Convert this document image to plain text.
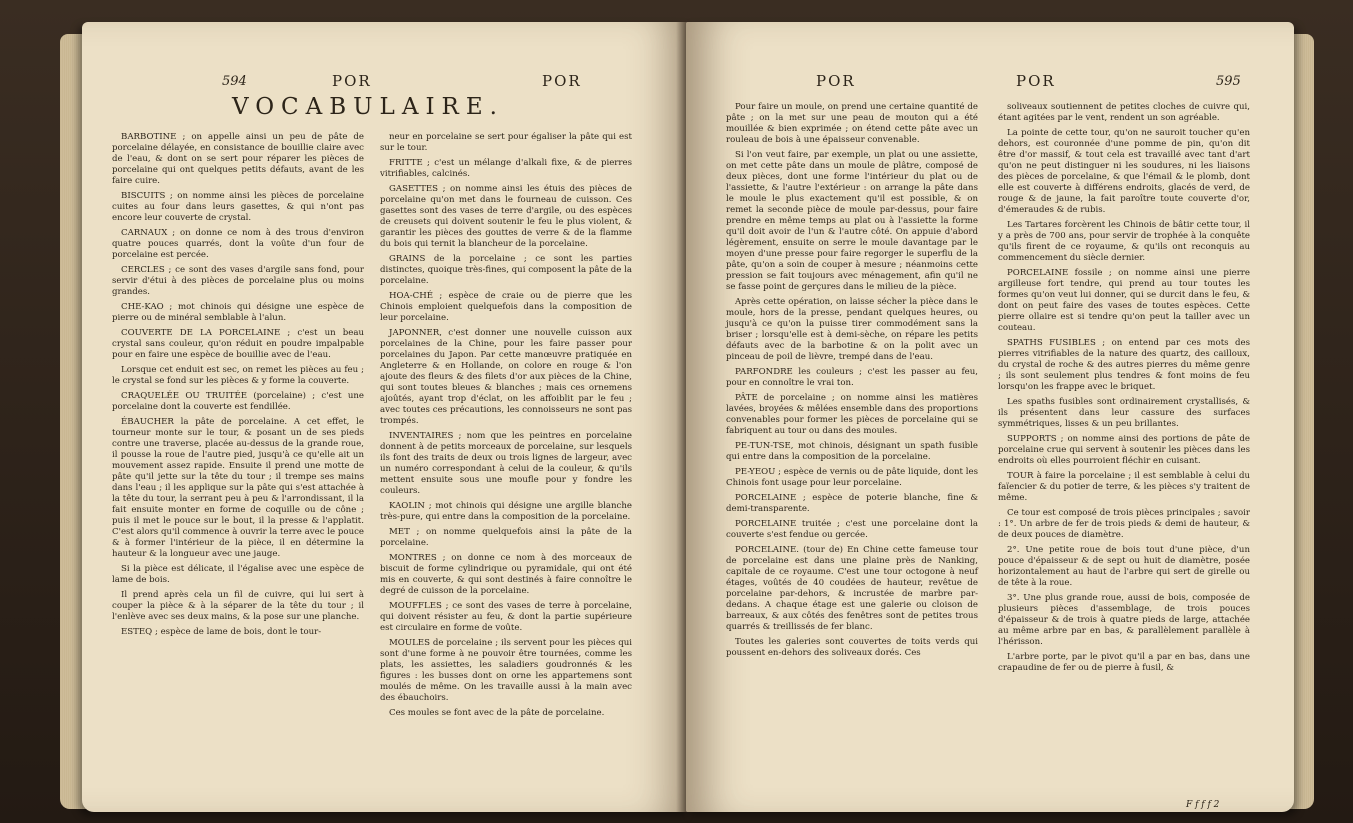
594	POR	POR
VOCABULAIRE.

BARBOTINE ; on appelle ainsi un peu de pâte de porcelaine délayée, en consistance de bouillie claire avec de l'eau, & dont on se sert pour réparer les pièces de porcelaine qui ont quelques petits défauts, avant de les faire cuire.

BISCUITS ; on nomme ainsi les pièces de porcelaine cuites au four dans leurs gasettes, & qui n'ont pas encore leur couverte de crystal.

CARNAUX ; on donne ce nom à des trous d'environ quatre pouces quarrés, dont la voûte d'un four de porcelaine est percée.

CERCLES ; ce sont des vases d'argile sans fond, pour servir d'étui à des pièces de porcelaine plus ou moins grandes.

CHE-KAO ; mot chinois qui désigne une espèce de pierre ou de minéral semblable à l'alun.

COUVERTE DE LA PORCELAINE ; c'est un beau crystal sans couleur, qu'on réduit en poudre impalpable pour en faire une espèce de bouillie avec de l'eau.

Lorsque cet enduit est sec, on remet les pièces au feu ; le crystal se fond sur les pièces & y forme la couverte.

CRAQUELÉE OU TRUITÉE (porcelaine) ; c'est une porcelaine dont la couverte est fendillée.

ÉBAUCHER la pâte de porcelaine. A cet effet, le tourneur monte sur le tour, & posant un de ses pieds contre une traverse, placée au-dessus de la grande roue, il pousse la roue de l'autre pied, jusqu'à ce qu'elle ait un mouvement assez rapide. Ensuite il prend une motte de pâte qu'il jette sur la tête du tour ; il trempe ses mains dans l'eau ; il les applique sur la pâte qui s'est attachée à la tête du tour, la serrant peu à peu & l'arrondissant, il la fait ensuite monter en forme de coquille ou de cône ; puis il met le pouce sur le bout, il la presse & l'applatit. C'est alors qu'il commence à ouvrir la terre avec le pouce & à former l'intérieur de la pièce, il en détermine la hauteur & la longueur avec une jauge.

Si la pièce est délicate, il l'égalise avec une espèce de lame de bois.

Il prend après cela un fil de cuivre, qui lui sert à couper la pièce & à la séparer de la tête du tour ; il l'enlève avec ses deux mains, & la pose sur une planche.

ESTEQ ; espèce de lame de bois, dont le tour-

neur en porcelaine se sert pour égaliser la pâte qui est sur le tour.

FRITTE ; c'est un mélange d'alkali fixe, & de pierres vitrifiables, calcinés.

GASETTES ; on nomme ainsi les étuis des pièces de porcelaine qu'on met dans le fourneau de cuisson. Ces gasettes sont des vases de terre d'argile, ou des espèces de creusets qui doivent soutenir le feu le plus violent, & garantir les pièces des gouttes de verre & de la flamme du bois qui ternit la blancheur de la porcelaine.

GRAINS de la porcelaine ; ce sont les parties distinctes, quoique très-fines, qui composent la pâte de la porcelaine.

HOA-CHÉ ; espèce de craie ou de pierre que les Chinois emploient quelquefois dans la composition de leur porcelaine.

JAPONNER, c'est donner une nouvelle cuisson aux porcelaines de la Chine, pour les faire passer pour porcelaines du Japon. Par cette manœuvre pratiquée en Angleterre & en Hollande, on colore en rouge & l'on ajoute des fleurs & des filets d'or aux pièces de la Chine, qui sont toutes bleues & blanches ; mais ces ornemens ajoûtés, ayant trop d'éclat, on les affoiblit par le feu ; avec toutes ces précautions, les connoisseurs ne sont pas trompés.

INVENTAIRES ; nom que les peintres en porcelaine donnent à de petits morceaux de porcelaine, sur lesquels ils font des traits de deux ou trois lignes de largeur, avec un numéro correspondant à celui de la couleur, & qu'ils mettent ensuite sous une moufle pour y fondre les couleurs.

KAOLIN ; mot chinois qui désigne une argille blanche très-pure, qui entre dans la composition de la porcelaine.

MET ; on nomme quelquefois ainsi la pâte de la porcelaine.

MONTRES ; on donne ce nom à des morceaux de biscuit de forme cylindrique ou pyramidale, qui ont été mis en couverte, & qui sont destinés à faire connoître le degré de cuisson de la porcelaine.

MOUFFLES ; ce sont des vases de terre à porcelaine, qui doivent résister au feu, & dont la partie supérieure est circulaire en forme de voûte.

MOULES de porcelaine ; ils servent pour les pièces qui sont d'une forme à ne pouvoir être tournées, comme les plats, les assiettes, les saladiers goudronnés & les figures : les busses dont on orne les appartemens sont moulés de même. On les travaille aussi à la main avec des ébauchoirs.

Ces moules se font avec de la pâte de porcelaine.

POR	POR	595

Pour faire un moule, on prend une certaine quantité de pâte ; on la met sur une peau de mouton qui a été mouillée & bien exprimée ; on étend cette pâte avec un rouleau de bois à une épaisseur convenable.

Si l'on veut faire, par exemple, un plat ou une assiette, on met cette pâte dans un moule de plâtre, composé de deux pièces, dont une forme l'intérieur du plat ou de l'assiette, & l'autre l'extérieur : on arrange la pâte dans le moule le plus exactement qu'il est possible, & on remet la seconde pièce de moule par-dessus, pour faire prendre en même temps au plat ou à l'assiette la forme qu'il doit avoir de l'un & l'autre côté. On appuie d'abord légèrement, ensuite on serre le moule davantage par le moyen d'une presse pour faire regorger le superflu de la pâte, qu'on a soin de couper à mesure ; néanmoins cette pression se fait toujours avec ménagement, afin qu'il ne se fasse point de gerçures dans le milieu de la pièce.

Après cette opération, on laisse sécher la pièce dans le moule, hors de la presse, pendant quelques heures, ou jusqu'à ce qu'on la puisse tirer commodément sans la briser ; lorsqu'elle est à demi-sèche, on répare les petits défauts avec de la barbotine & on la polit avec un pinceau de poil de lièvre, trempé dans de l'eau.

PARFONDRE les couleurs ; c'est les passer au feu, pour en connoître le vrai ton.

PÂTE de porcelaine ; on nomme ainsi les matières lavées, broyées & mêlées ensemble dans des proportions convenables pour former les pièces de porcelaine qui se fabriquent au tour ou dans des moules.

PE-TUN-TSE, mot chinois, désignant un spath fusible qui entre dans la composition de la porcelaine.

PE-YEOU ; espèce de vernis ou de pâte liquide, dont les Chinois font usage pour leur porcelaine.

PORCELAINE ; espèce de poterie blanche, fine & demi-transparente.

PORCELAINE truitée ; c'est une porcelaine dont la couverte s'est fendue ou gercée.

PORCELAINE. (tour de) En Chine cette fameuse tour de porcelaine est dans une plaine près de Nanking, capitale de ce royaume. C'est une tour octogone à neuf étages, voûtés de 40 coudées de hauteur, revêtue de porcelaine par-dehors, & incrustée de marbre par-dedans. A chaque étage est une galerie ou cloison de barreaux, & aux côtés des fenêtres sont de petites trous quarrés & treillissés de fer blanc.

Toutes les galeries sont couvertes de toits verds qui poussent en-dehors des soliveaux dorés. Ces

soliveaux soutiennent de petites cloches de cuivre qui, étant agitées par le vent, rendent un son agréable.

La pointe de cette tour, qu'on ne sauroit toucher qu'en dehors, est couronnée d'une pomme de pin, qu'on dit être d'or massif, & tout cela est travaillé avec tant d'art qu'on ne peut distinguer ni les soudures, ni les liaisons des pièces de porcelaine, & que l'émail & le plomb, dont elle est couverte à différens endroits, glacés de verd, de rouge & de jaune, la fait paroître toute couverte d'or, d'émeraudes & de rubis.

Les Tartares forcèrent les Chinois de bâtir cette tour, il y a près de 700 ans, pour servir de trophée à la conquête qu'ils firent de ce royaume, & qu'ils ont reconquis au commencement du siècle dernier.

PORCELAINE fossile ; on nomme ainsi une pierre argilleuse fort tendre, qui prend au tour toutes les formes qu'on veut lui donner, qui se durcit dans le feu, & dont on peut faire des vases de toutes espèces. Cette pierre ollaire est si tendre qu'on peut la tailler avec un couteau.

SPATHS FUSIBLES ; on entend par ces mots des pierres vitrifiables de la nature des quartz, des cailloux, du crystal de roche & des autres pierres du même genre ; ils sont seulement plus tendres & font moins de feu lorsqu'on les frappe avec le briquet.

Les spaths fusibles sont ordinairement crystallisés, & ils présentent dans leur cassure des surfaces symmétriques, lisses & un peu brillantes.

SUPPORTS ; on nomme ainsi des portions de pâte de porcelaine crue qui servent à soutenir les pièces dans les endroits où elles pourroient fléchir en cuisant.

TOUR à faire la porcelaine ; il est semblable à celui du faïencier & du potier de terre, & les pièces s'y traitent de même.

Ce tour est composé de trois pièces principales ; savoir : 1°. Un arbre de fer de trois pieds & demi de hauteur, & de deux pouces de diamètre.

2°. Une petite roue de bois tout d'une pièce, d'un pouce d'épaisseur & de sept ou huit de diamètre, posée horizontalement au haut de l'arbre qui sert de girelle ou de tête à la roue.

3°. Une plus grande roue, aussi de bois, composée de plusieurs pièces d'assemblage, de trois pouces d'épaisseur & de trois à quatre pieds de large, attachée au même arbre par en bas, & parallèlement parallèle à l'hérisson.

L'arbre porte, par le pivot qu'il a par en bas, dans une crapaudine de fer ou de pierre à fusil, &

F f f f 2
